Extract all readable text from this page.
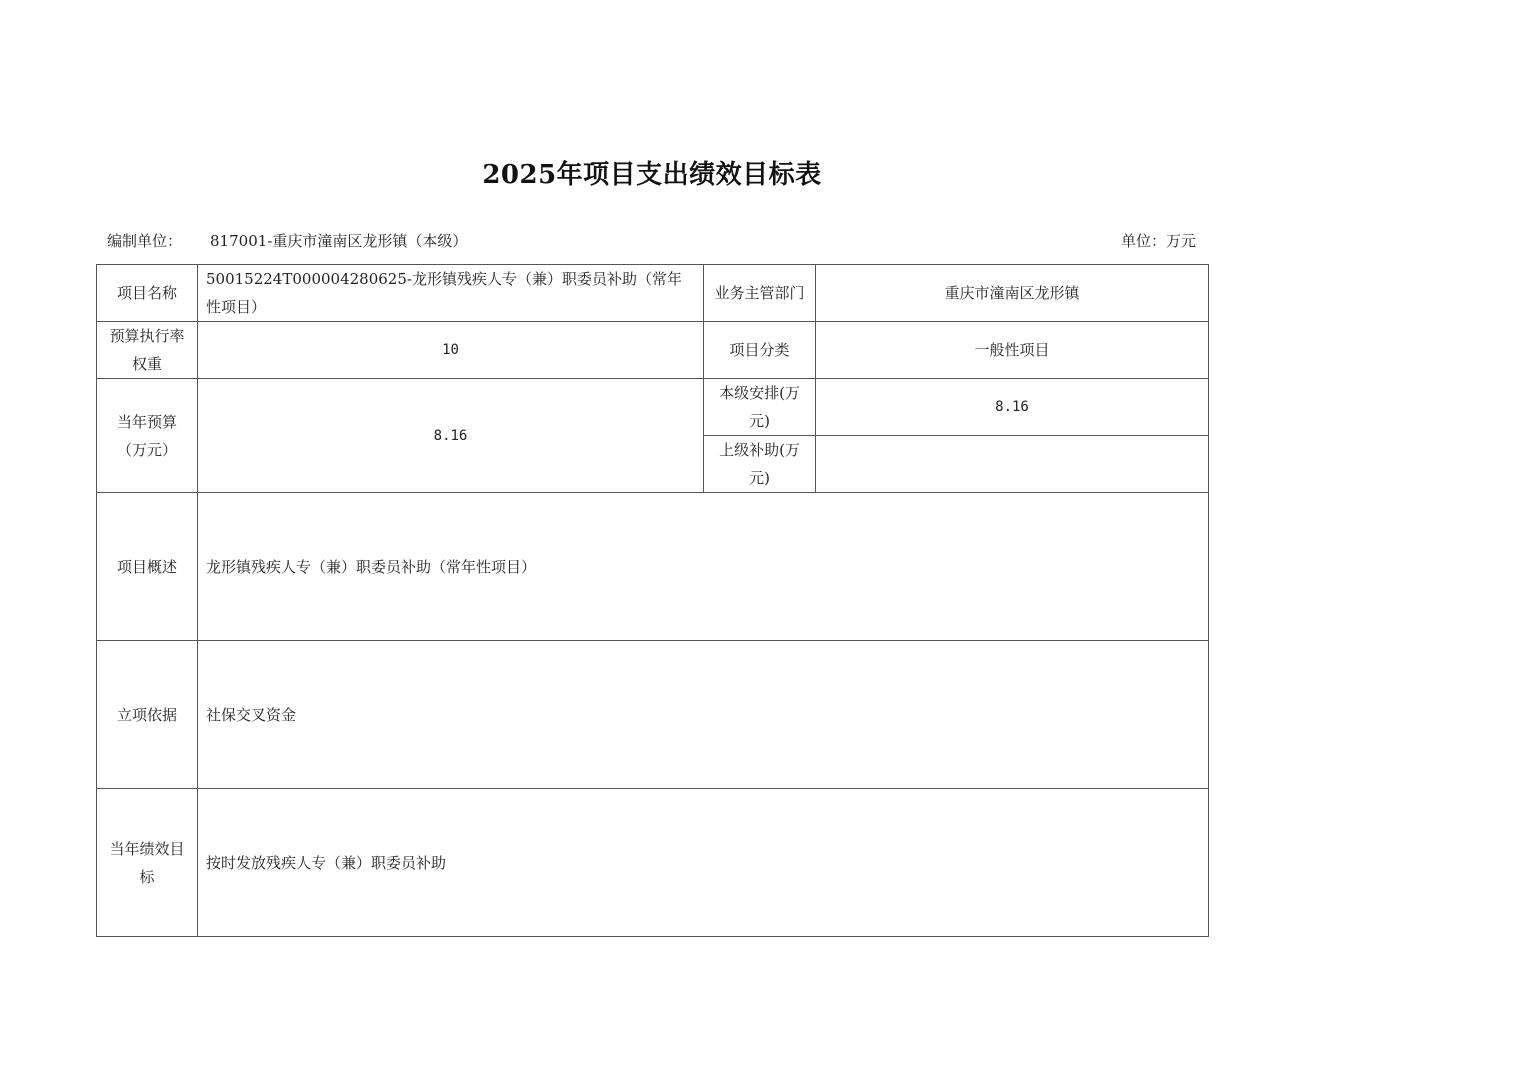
2025年项目支出绩效目标表
编制单位： 817001-重庆市潼南区龙形镇（本级）	单位：万元
项目名称	50015224T000004280625-龙形镇残疾人专（兼）职委员补助（常年性项目）	业务主管部门	重庆市潼南区龙形镇
预算执行率权重	10	项目分类	一般性项目
当年预算（万元）	8.16	本级安排(万元)	8.16
		上级补助(万元)	
项目概述	龙形镇残疾人专（兼）职委员补助（常年性项目）		
立项依据	社保交叉资金		
当年绩效目标	按时发放残疾人专（兼）职委员补助		
